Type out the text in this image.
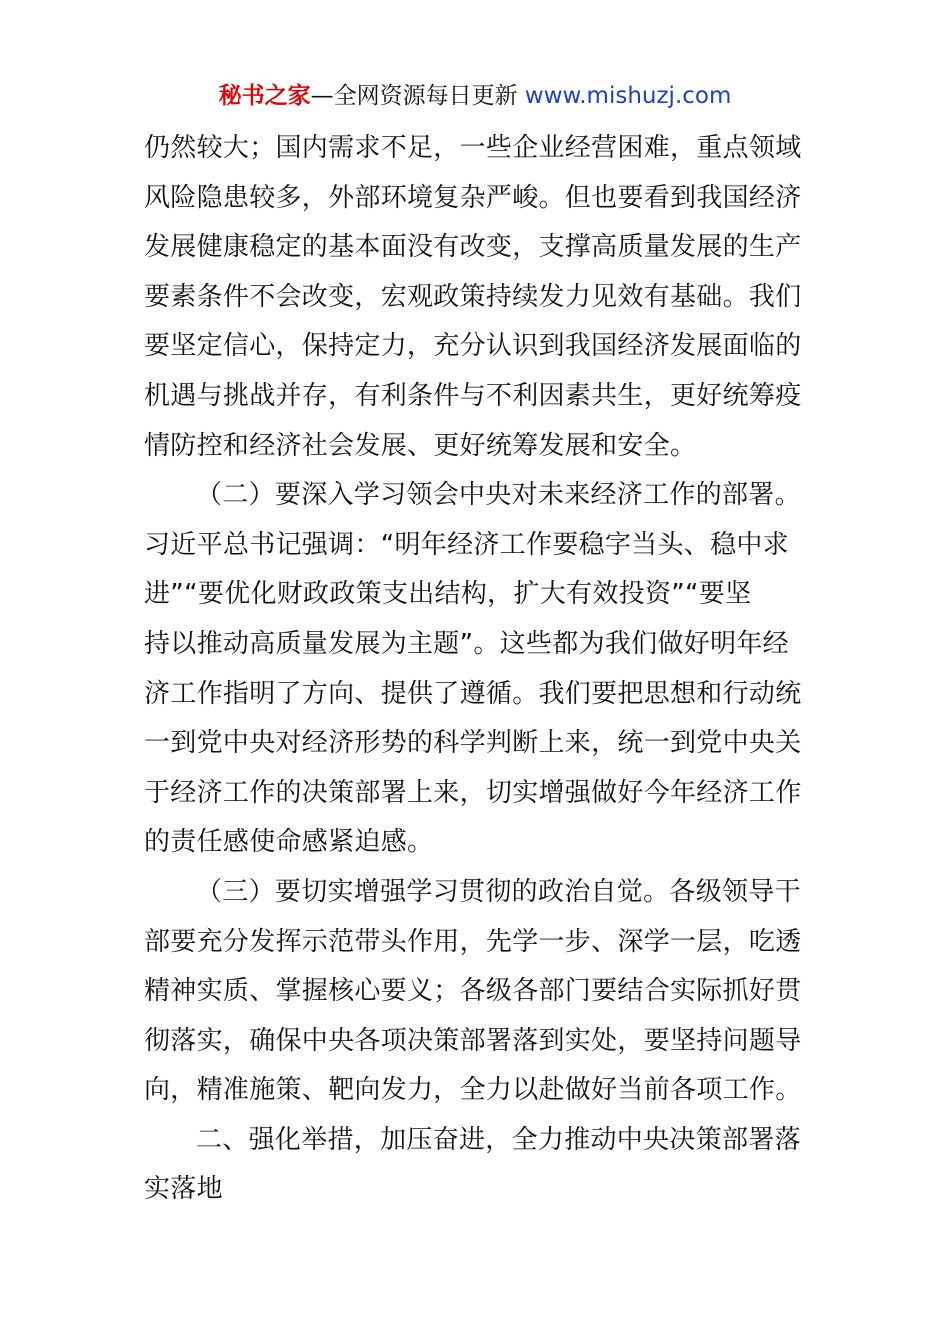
秘书之家—全网资源每日更新 www.mishuzj.com
仍然较大；国内需求不足，一些企业经营困难，重点领域
风险隐患较多，外部环境复杂严峻。但也要看到我国经济
发展健康稳定的基本面没有改变，支撑高质量发展的生产
要素条件不会改变，宏观政策持续发力见效有基础。我们
要坚定信心，保持定力，充分认识到我国经济发展面临的
机遇与挑战并存，有利条件与不利因素共生，更好统筹疫
情防控和经济社会发展、更好统筹发展和安全。
（二）要深入学习领会中央对未来经济工作的部署。
习近平总书记强调：“明年经济工作要稳字当头、稳中求
进”“要优化财政政策支出结构，扩大有效投资”“要坚
持以推动高质量发展为主题”。这些都为我们做好明年经
济工作指明了方向、提供了遵循。我们要把思想和行动统
一到党中央对经济形势的科学判断上来，统一到党中央关
于经济工作的决策部署上来，切实增强做好今年经济工作
的责任感使命感紧迫感。
（三）要切实增强学习贯彻的政治自觉。各级领导干
部要充分发挥示范带头作用，先学一步、深学一层，吃透
精神实质、掌握核心要义；各级各部门要结合实际抓好贯
彻落实，确保中央各项决策部署落到实处，要坚持问题导
向，精准施策、靶向发力，全力以赴做好当前各项工作。
二、强化举措，加压奋进，全力推动中央决策部署落
实落地
